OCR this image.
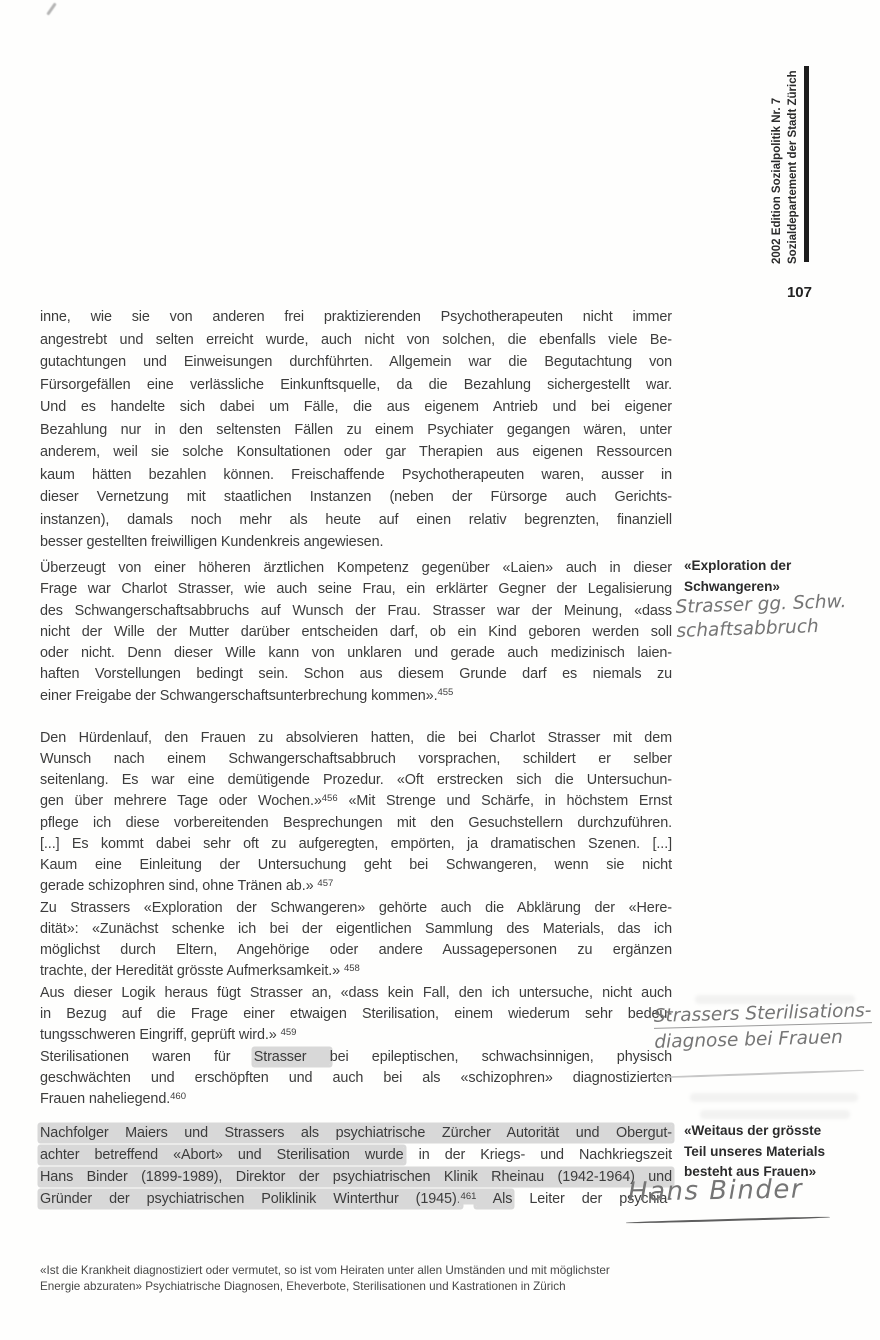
2002 Edition Sozialpolitik Nr. 7 Sozialdepartement der Stadt Zürich
107
inne, wie sie von anderen frei praktizierenden Psychotherapeuten nicht immer
angestrebt und selten erreicht wurde, auch nicht von solchen, die ebenfalls viele Be-
gutachtungen und Einweisungen durchführten. Allgemein war die Begutachtung von
Fürsorgefällen eine verlässliche Einkunftsquelle, da die Bezahlung sichergestellt war.
Und es handelte sich dabei um Fälle, die aus eigenem Antrieb und bei eigener
Bezahlung nur in den seltensten Fällen zu einem Psychiater gegangen wären, unter
anderem, weil sie solche Konsultationen oder gar Therapien aus eigenen Ressourcen
kaum hätten bezahlen können. Freischaffende Psychotherapeuten waren, ausser in
dieser Vernetzung mit staatlichen Instanzen (neben der Fürsorge auch Gerichts-
instanzen), damals noch mehr als heute auf einen relativ begrenzten, finanziell
besser gestellten freiwilligen Kundenkreis angewiesen.
Überzeugt von einer höheren ärztlichen Kompetenz gegenüber «Laien» auch in dieser
Frage war Charlot Strasser, wie auch seine Frau, ein erklärter Gegner der Legalisierung
des Schwangerschaftsabbruchs auf Wunsch der Frau. Strasser war der Meinung, «dass
nicht der Wille der Mutter darüber entscheiden darf, ob ein Kind geboren werden soll
oder nicht. Denn dieser Wille kann von unklaren und gerade auch medizinisch laien-
haften Vorstellungen bedingt sein. Schon aus diesem Grunde darf es niemals zu
einer Freigabe der Schwangerschaftsunterbrechung kommen».$^{455}$
Den Hürdenlauf, den Frauen zu absolvieren hatten, die bei Charlot Strasser mit dem
Wunsch nach einem Schwangerschaftsabbruch vorsprachen, schildert er selber
seitenlang. Es war eine demütigende Prozedur. «Oft erstrecken sich die Untersuchun-
gen über mehrere Tage oder Wochen.»$^{456}$ «Mit Strenge und Schärfe, in höchstem Ernst
pflege ich diese vorbereitenden Besprechungen mit den Gesuchstellern durchzuführen.
[...] Es kommt dabei sehr oft zu aufgeregten, empörten, ja dramatischen Szenen. [...]
Kaum eine Einleitung der Untersuchung geht bei Schwangeren, wenn sie nicht
gerade schizophren sind, ohne Tränen ab.» $^{457}$
Zu Strassers «Exploration der Schwangeren» gehörte auch die Abklärung der «Here-
dität»: «Zunächst schenke ich bei der eigentlichen Sammlung des Materials, das ich
möglichst durch Eltern, Angehörige oder andere Aussagepersonen zu ergänzen
trachte, der Heredität grösste Aufmerksamkeit.» $^{458}$
Aus dieser Logik heraus fügt Strasser an, «dass kein Fall, den ich untersuche, nicht auch
in Bezug auf die Frage einer etwaigen Sterilisation, einem wiederum sehr bedeu-
tungsschweren Eingriff, geprüft wird.» $^{459}$
Sterilisationen waren für Strasser bei epileptischen, schwachsinnigen, physisch
geschwächten und erschöpften und auch bei als «schizophren» diagnostizierten
Frauen naheliegend.$^{460}$
Nachfolger Maiers und Strassers als psychiatrische Zürcher Autorität und Obergut-
achter betreffend «Abort» und Sterilisation wurde in der Kriegs- und Nachkriegszeit
Hans Binder (1899-1989), Direktor der psychiatrischen Klinik Rheinau (1942-1964) und
Gründer der psychiatrischen Poliklinik Winterthur (1945).$^{461}$ Als Leiter der psychia-
«Exploration der
Schwangeren»
Strasser gg. Schw.
schaftsabbruch
Strassers Sterilisations-
diagnose bei Frauen
«Weitaus der grösste
Teil unseres Materials
besteht aus Frauen»
Hans Binder
«Ist die Krankheit diagnostiziert oder vermutet, so ist vom Heiraten unter allen Umständen und mit möglichster
Energie abzuraten» Psychiatrische Diagnosen, Eheverbote, Sterilisationen und Kastrationen in Zürich
